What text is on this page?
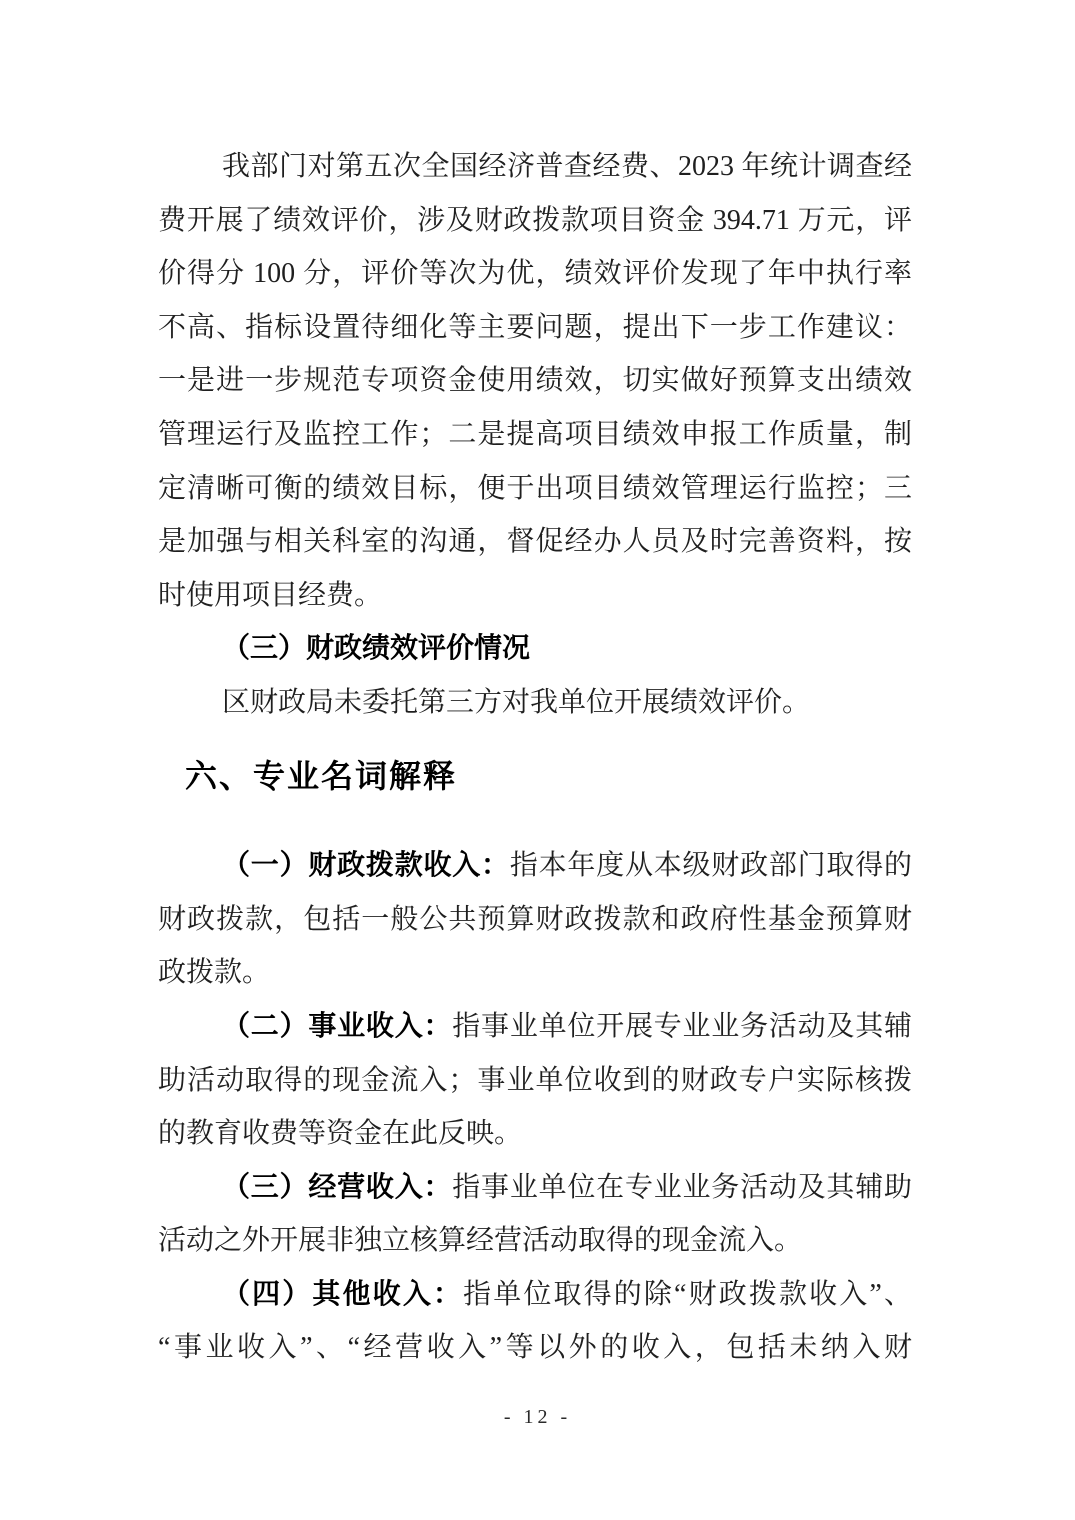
我部门对第五次全国经济普查经费、2023 年统计调查经
费开展了绩效评价，涉及财政拨款项目资金 394.71 万元，评
价得分 100 分，评价等次为优，绩效评价发现了年中执行率
不高、指标设置待细化等主要问题，提出下一步工作建议：
一是进一步规范专项资金使用绩效，切实做好预算支出绩效
管理运行及监控工作；二是提高项目绩效申报工作质量，制
定清晰可衡的绩效目标，便于出项目绩效管理运行监控；三
是加强与相关科室的沟通，督促经办人员及时完善资料，按
时使用项目经费。
（三）财政绩效评价情况
区财政局未委托第三方对我单位开展绩效评价。
六、专业名词解释
（一）财政拨款收入：指本年度从本级财政部门取得的
财政拨款，包括一般公共预算财政拨款和政府性基金预算财
政拨款。
（二）事业收入：指事业单位开展专业业务活动及其辅
助活动取得的现金流入；事业单位收到的财政专户实际核拨
的教育收费等资金在此反映。
（三）经营收入：指事业单位在专业业务活动及其辅助
活动之外开展非独立核算经营活动取得的现金流入。
（四）其他收入：指单位取得的除“财政拨款收入”、
“事业收入”、“经营收入”等以外的收入，包括未纳入财
- 12 -
